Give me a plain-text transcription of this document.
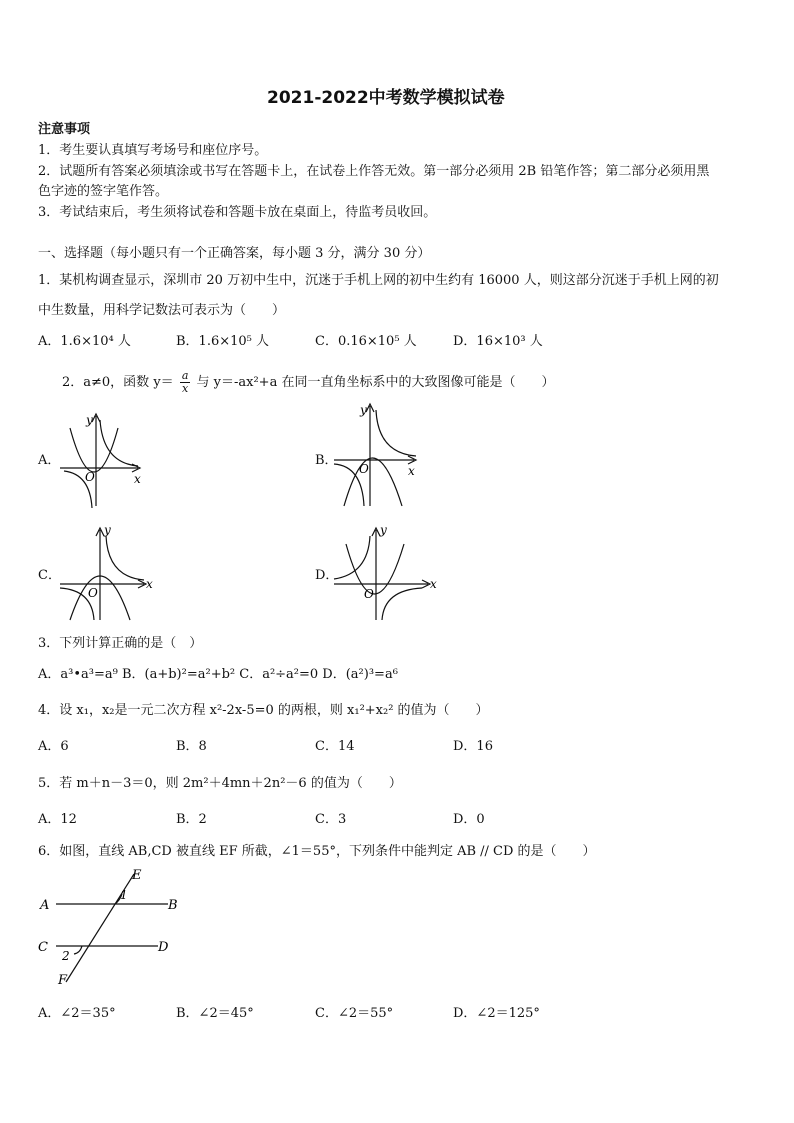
2021-2022中考数学模拟试卷
注意事项
1．考生要认真填写考场号和座位序号。
2．试题所有答案必须填涂或书写在答题卡上，在试卷上作答无效。第一部分必须用 2B 铅笔作答；第二部分必须用黑
色字迹的签字笔作答。
3．考试结束后，考生须将试卷和答题卡放在桌面上，待监考员收回。
一、选择题（每小题只有一个正确答案，每小题 3 分，满分 30 分）
1．某机构调查显示，深圳市 20 万初中生中，沉迷于手机上网的初中生约有 16000 人，则这部分沉迷于手机上网的初
中生数量，用科学记数法可表示为（　　）
A．1.6×10⁴ 人	B．1.6×10⁵ 人	C．0.16×10⁵ 人	D．16×10³ 人
2．a≠0，函数 $y= \frac{a}{x}$ 与 y＝-ax²+a 在同一直角坐标系中的大致图像可能是（　　）
A．	B．
C．	D．
y
x
O
y
x
O
y
x
O
y
x
O
3．下列计算正确的是（　）
A．a³•a³=a⁹ B．(a+b)²=a²+b² C．a²÷a²=0 D．(a²)³=a⁶
4．设 x₁，x₂是一元二次方程 x²-2x-5=0 的两根，则 x₁²+x₂² 的值为（　　）
A．6	B．8	C．14	D．16
5．若 m＋n－3＝0，则 2m²＋4mn＋2n²－6 的值为（　　）
A．12	B．2	C．3	D．0
6．如图，直线 AB,CD 被直线 EF 所截，∠1＝55°，下列条件中能判定 AB // CD 的是（　　）
A	B
C	D
E
F
1
2
A．∠2＝35°	B．∠2＝45°	C．∠2＝55°	D．∠2＝125°
